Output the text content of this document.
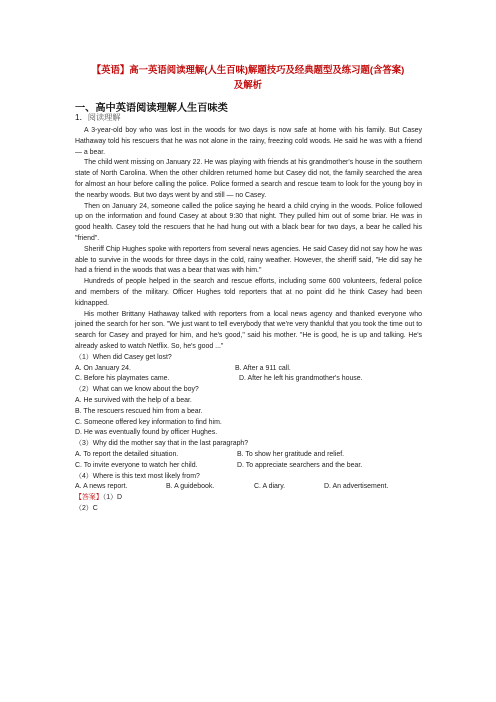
【英语】高一英语阅读理解(人生百味)解题技巧及经典题型及练习题(含答案)
及解析
一、高中英语阅读理解人生百味类
1．阅读理解

A 3-year-old boy who was lost in the woods for two days is now safe at home with his family. But Casey Hathaway told his rescuers that he was not alone in the rainy, freezing cold woods. He said he was with a friend — a bear.

The child went missing on January 22. He was playing with friends at his grandmother's house in the southern state of North Carolina. When the other children returned home but Casey did not, the family searched the area for almost an hour before calling the police. Police formed a search and rescue team to look for the young boy in the nearby woods. But two days went by and still — no Casey.

Then on January 24, someone called the police saying he heard a child crying in the woods. Police followed up on the information and found Casey at about 9:30 that night. They pulled him out of some briar. He was in good health. Casey told the rescuers that he had hung out with a black bear for two days, a bear he called his "friend".

Sheriff Chip Hughes spoke with reporters from several news agencies. He said Casey did not say how he was able to survive in the woods for three days in the cold, rainy weather. However, the sheriff said, "He did say he had a friend in the woods that was a bear that was with him."

Hundreds of people helped in the search and rescue efforts, including some 600 volunteers, federal police and members of the military. Officer Hughes told reporters that at no point did he think Casey had been kidnapped.

His mother Brittany Hathaway talked with reporters from a local news agency and thanked everyone who joined the search for her son. "We just want to tell everybody that we're very thankful that you took the time out to search for Casey and prayed for him, and he's good," said his mother. "He is good, he is up and talking. He's already asked to watch Netflix. So, he's good ..."

（1）When did Casey get lost?
A. On January 24.	B. After a 911 call.
C. Before his playmates came.	D. After he left his grandmother's house.
（2）What can we know about the boy?
A. He survived with the help of a bear.
B. The rescuers rescued him from a bear.
C. Someone offered key information to find him.
D. He was eventually found by officer Hughes.
（3）Why did the mother say that in the last paragraph?
A. To report the detailed situation.	B. To show her gratitude and relief.
C. To invite everyone to watch her child.	D. To appreciate searchers and the bear.
（4）Where is this text most likely from?
A. A news report.	B. A guidebook.	C. A diary.	D. An advertisement.
【答案】（1）D
（2）C
